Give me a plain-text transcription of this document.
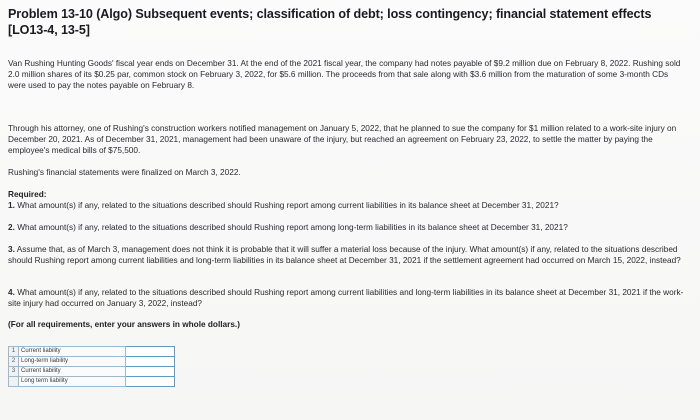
Problem 13-10 (Algo) Subsequent events; classification of debt; loss contingency; financial statement effects [LO13-4, 13-5]

Van Rushing Hunting Goods' fiscal year ends on December 31. At the end of the 2021 fiscal year, the company had notes payable of $9.2 million due on February 8, 2022. Rushing sold 2.0 million shares of its $0.25 par, common stock on February 3, 2022, for $5.6 million. The proceeds from that sale along with $3.6 million from the maturation of some 3-month CDs were used to pay the notes payable on February 8.

Through his attorney, one of Rushing's construction workers notified management on January 5, 2022, that he planned to sue the company for $1 million related to a work-site injury on December 20, 2021. As of December 31, 2021, management had been unaware of the injury, but reached an agreement on February 23, 2022, to settle the matter by paying the employee's medical bills of $75,500.

Rushing's financial statements were finalized on March 3, 2022.

Required:

1. What amount(s) if any, related to the situations described should Rushing report among current liabilities in its balance sheet at December 31, 2021?

2. What amount(s) if any, related to the situations described should Rushing report among long-term liabilities in its balance sheet at December 31, 2021?

3. Assume that, as of March 3, management does not think it is probable that it will suffer a material loss because of the injury. What amount(s) if any, related to the situations described should Rushing report among current liabilities and long-term liabilities in its balance sheet at December 31, 2021 if the settlement agreement had occurred on March 15, 2022, instead?

4. What amount(s) if any, related to the situations described should Rushing report among current liabilities and long-term liabilities in its balance sheet at December 31, 2021 if the work-site injury had occurred on January 3, 2022, instead?

(For all requirements, enter your answers in whole dollars.)

1	Current liability	
2	Long-term liability	
3	Current liability	
	Long term liability	
